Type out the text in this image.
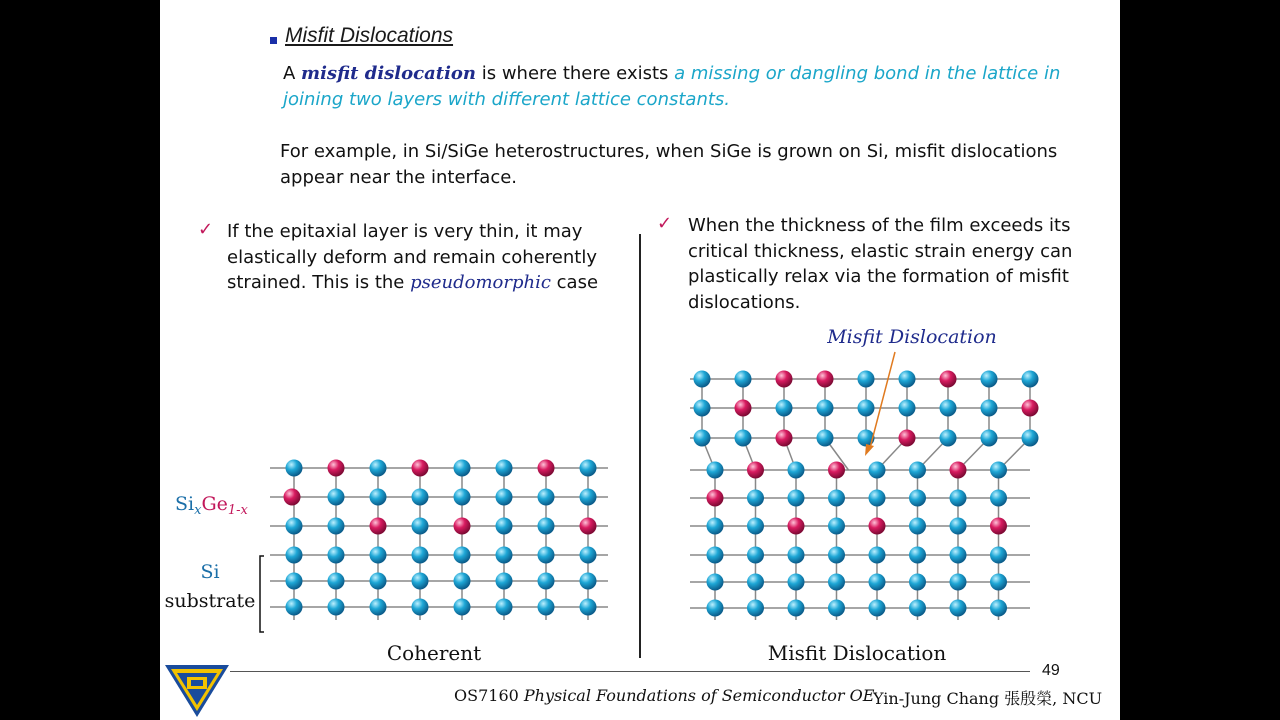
Misfit Dislocations
A misfit dislocation is where there exists a missing or dangling bond in the lattice in joining two layers with different lattice constants.
For example, in Si/SiGe heterostructures, when SiGe is grown on Si, misfit dislocations appear near the interface.
✓ If the epitaxial layer is very thin, it may elastically deform and remain coherently strained. This is the pseudomorphic case
✓ When the thickness of the film exceeds its critical thickness, elastic strain energy can plastically relax via the formation of misfit dislocations.
$Si_xGe_{1-x}$
Si
substrate
Coherent
Misfit Dislocation
Misfit Dislocation
49
OS7160 Physical Foundations of Semiconductor OE
Yin-Jung Chang 張殷榮, NCU
